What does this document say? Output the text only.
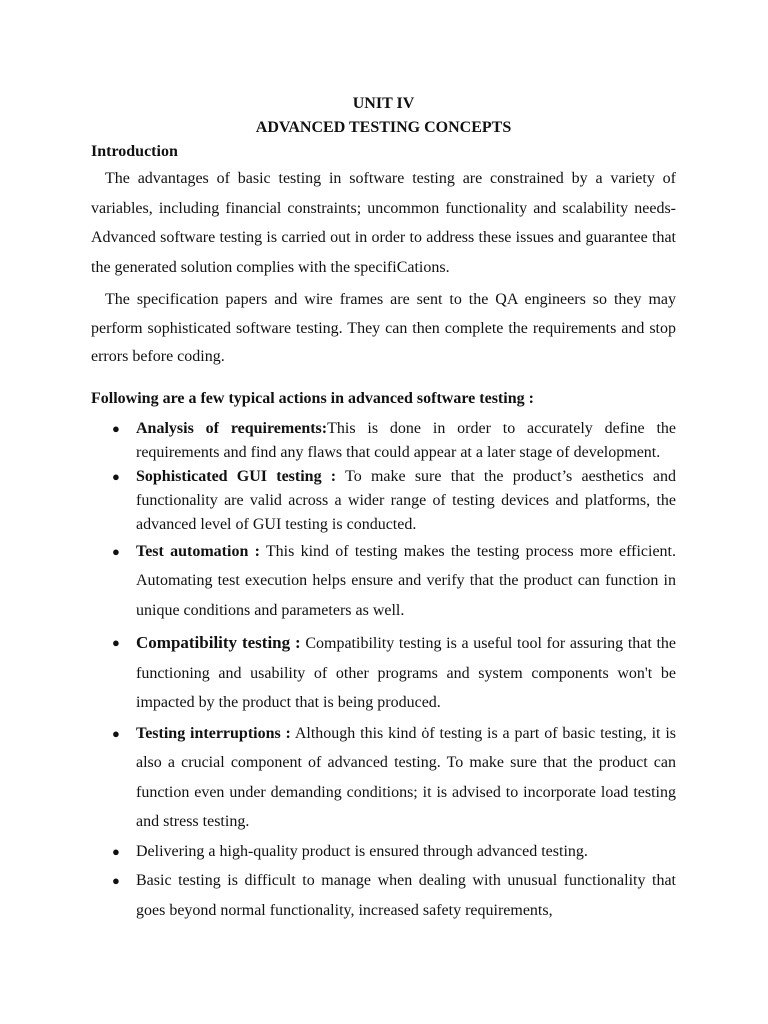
UNIT IV
ADVANCED TESTING CONCEPTS
Introduction

The advantages of basic testing in software testing are constrained by a variety of variables, including financial constraints; uncommon functionality and scalability needs- Advanced software testing is carried out in order to address these issues and guarantee that the generated solution complies with the specifiCations.

The specification papers and wire frames are sent to the QA engineers so they may perform sophisticated software testing. They can then complete the requirements and stop errors before coding.

Following are a few typical actions in advanced software testing :
● Analysis of requirements:This is done in order to accurately define the requirements and find any flaws that could appear at a later stage of development.
● Sophisticated GUI testing : To make sure that the product’s aesthetics and functionality are valid across a wider range of testing devices and platforms, the advanced level of GUI testing is conducted.
● Test automation : This kind of testing makes the testing process more efficient. Automating test execution helps ensure and verify that the product can function in unique conditions and parameters as well.
● Compatibility testing : Compatibility testing is a useful tool for assuring that the functioning and usability of other programs and system components won't be impacted by the product that is being produced.
● Testing interruptions : Although this kind ȯf testing is a part of basic testing, it is also a crucial component of advanced testing. To make sure that the product can function even under demanding conditions; it is advised to incorporate load testing and stress testing.
● Delivering a high-quality product is ensured through advanced testing.
● Basic testing is difficult to manage when dealing with unusual functionality that goes beyond normal functionality, increased safety requirements,
